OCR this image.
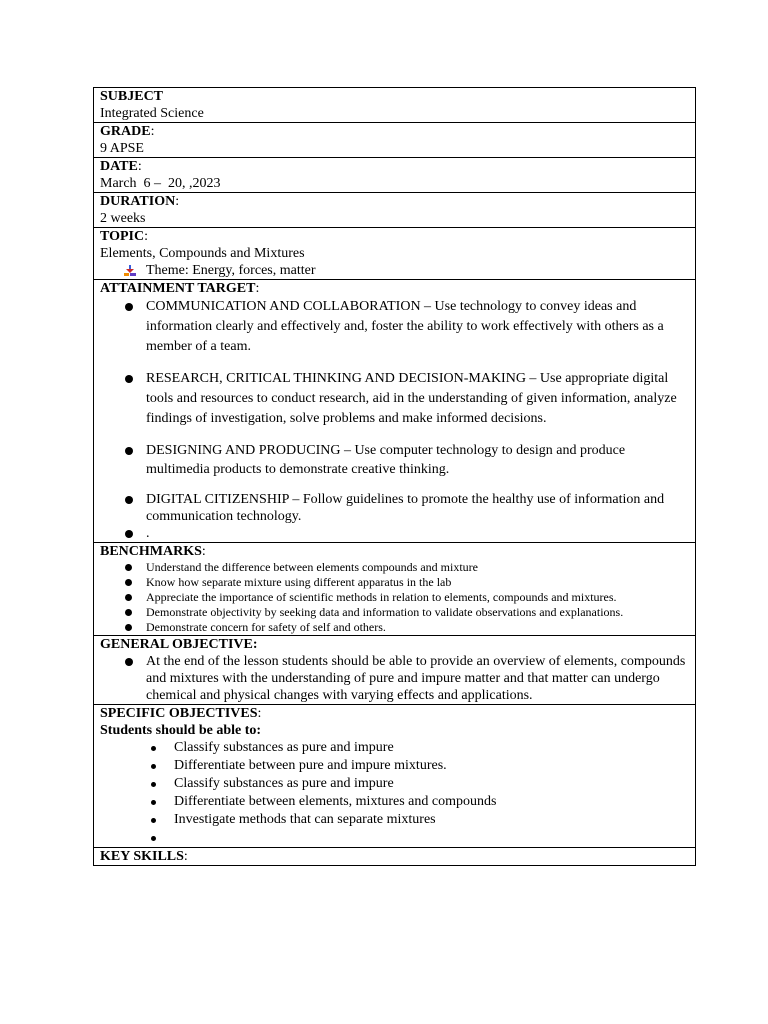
SUBJECT
Integrated Science
GRADE:
9 APSE
DATE:
March  6 –  20, ,2023
DURATION:
2 weeks
TOPIC:
Elements, Compounds and Mixtures
Theme: Energy, forces, matter
ATTAINMENT TARGET:
COMMUNICATION AND COLLABORATION – Use technology to convey ideas and information clearly and effectively and, foster the ability to work effectively with others as a member of a team.
RESEARCH, CRITICAL THINKING AND DECISION-MAKING – Use appropriate digital tools and resources to conduct research, aid in the understanding of given information, analyze findings of investigation, solve problems and make informed decisions.
DESIGNING AND PRODUCING – Use computer technology to design and produce multimedia products to demonstrate creative thinking.
DIGITAL CITIZENSHIP – Follow guidelines to promote the healthy use of information and communication technology.
.
BENCHMARKS:
Understand the difference between elements compounds and mixture
Know how separate mixture using different apparatus in the lab
Appreciate the importance of scientific methods in relation to elements, compounds and mixtures.
Demonstrate objectivity by seeking data and information to validate observations and explanations.
Demonstrate concern for safety of self and others.
GENERAL OBJECTIVE:
At the end of the lesson students should be able to provide an overview of elements, compounds and mixtures with the understanding of pure and impure matter and that matter can undergo chemical and physical changes with varying effects and applications.
SPECIFIC OBJECTIVES:
Students should be able to:
Classify substances as pure and impure
Differentiate between pure and impure mixtures.
Classify substances as pure and impure
Differentiate between elements, mixtures and compounds
Investigate methods that can separate mixtures
KEY SKILLS:
